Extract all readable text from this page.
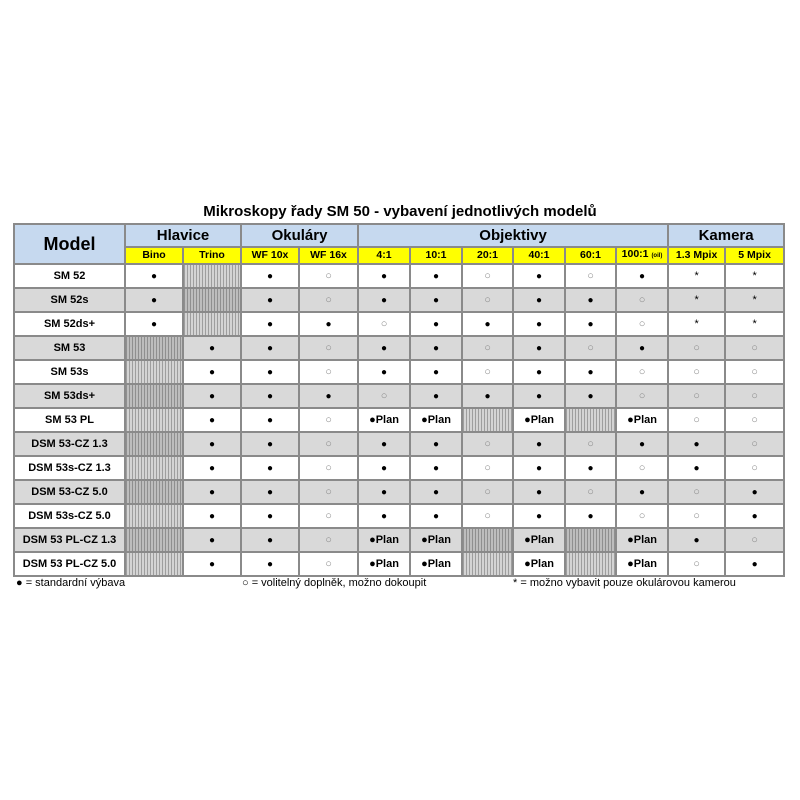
Mikroskopy řady SM 50 - vybavení jednotlivých modelů
Model	Hlavice		Okuláry		Objektivy						Kamera	
	Bino	Trino	WF 10x	WF 16x	4:1	10:1	20:1	40:1	60:1	100:1 (oil)	1.3 Mpix	5 Mpix
SM 52	●		●	○	●	●	○	●	○	●	*	*
SM 52s	●		●	○	●	●	○	●	●	○	*	*
SM 52ds+	●		●	●	○	●	●	●	●	○	*	*
SM 53		●	●	○	●	●	○	●	○	●	○	○
SM 53s		●	●	○	●	●	○	●	●	○	○	○
SM 53ds+		●	●	●	○	●	●	●	●	○	○	○
SM 53 PL		●	●	○	●Plan	●Plan		●Plan		●Plan	○	○
DSM 53-CZ 1.3		●	●	○	●	●	○	●	○	●	●	○
DSM 53s-CZ 1.3		●	●	○	●	●	○	●	●	○	●	○
DSM 53-CZ 5.0		●	●	○	●	●	○	●	○	●	○	●
DSM 53s-CZ 5.0		●	●	○	●	●	○	●	●	○	○	●
DSM 53 PL-CZ 1.3		●	●	○	●Plan	●Plan		●Plan		●Plan	●	○
DSM 53 PL-CZ 5.0		●	●	○	●Plan	●Plan		●Plan		●Plan	○	●
● = standardní výbava	○ = volitelný doplněk, možno dokoupit	* = možno vybavit pouze okulárovou kamerou
